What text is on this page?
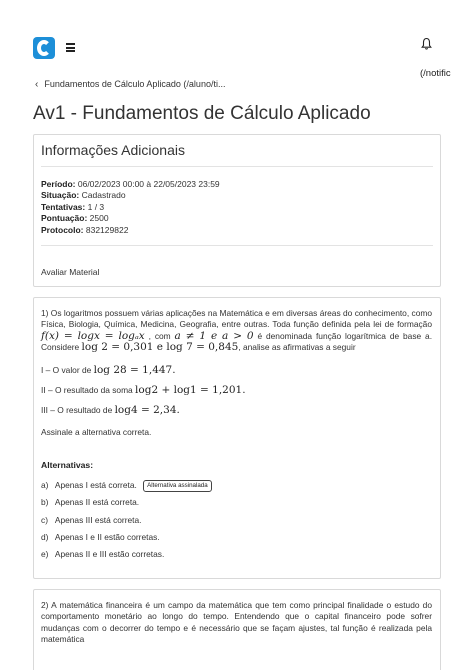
(/notific
‹ Fundamentos de Cálculo Aplicado (/aluno/ti...
Av1 - Fundamentos de Cálculo Aplicado
Informações Adicionais
Período: 06/02/2023 00:00 à 22/05/2023 23:59
Situação: Cadastrado
Tentativas: 1 / 3
Pontuação: 2500
Protocolo: 832129822
Avaliar Material
1) Os logaritmos possuem várias aplicações na Matemática e em diversas áreas do conhecimento, como Física, Biologia, Química, Medicina, Geografia, entre outras. Toda função definida pela lei de formação f(x) = logx = logₐx , com a ≠ 1 e a > 0 é denominada função logarítmica de base a. Considere log 2 = 0,301 e log 7 = 0,845, analise as afirmativas a seguir
I – O valor de log 28 = 1,447.
II – O resultado da soma log2 + log1 = 1,201.
III – O resultado de log4 = 2,34.
Assinale a alternativa correta.
Alternativas:
a) Apenas I está correta. Alternativa assinalada
b) Apenas II está correta.
c) Apenas III está correta.
d) Apenas I e II estão corretas.
e) Apenas II e III estão corretas.
2) A matemática financeira é um campo da matemática que tem como principal finalidade o estudo do comportamento monetário ao longo do tempo. Entendendo que o capital financeiro pode sofrer mudanças com o decorrer do tempo e é necessário que se façam ajustes, tal função é realizada pela matemática
